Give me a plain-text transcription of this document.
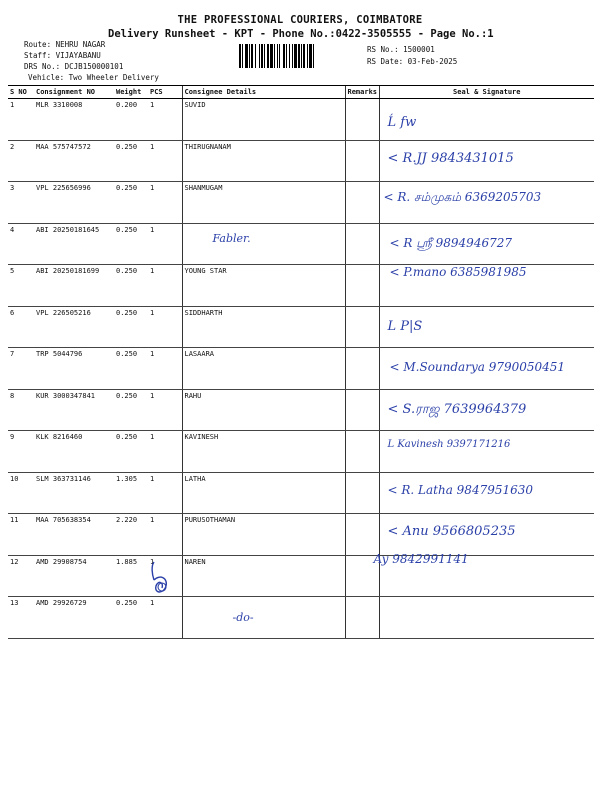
THE PROFESSIONAL COURIERS, COIMBATORE
Delivery Runsheet - KPT - Phone No.:0422-3505555 - Page No.:1
Route: NEHRU NAGAR
Staff: VIJAYABANU
DRS No.: DCJB150000101
Vehicle: Two Wheeler Delivery
RS No.: 1500001
RS Date: 03-Feb-2025
S NO	Consignment NO	Weight	PCS	Consignee Details	Remarks	Seal & Signature
1	MLR 3310008	0.200	1	SUVID		Ĺ fw

2	MAA 575747572	0.250	1	THIRUGNANAM		< R.JJ 9843431015

3	VPL 225656996	0.250	1	SHANMUGAM		< R. சம்முகம் 6369205703

4	ABI 20250181645	0.250	1	Fabler.		< R ஸ்ரீ 9894946727

5	ABI 20250181699	0.250	1	YOUNG STAR		< P.mano 6385981985

6	VPL 226505216	0.250	1	SIDDHARTH		L P|S

7	TRP 5044796	0.250	1	LASAARA		< M.Soundarya 9790050451

8	KUR 3000347841	0.250	1	RAHU		< S.ராஜ 7639964379

9	KLK 8216460	0.250	1	KAVINESH		L Kavinesh 9397171216

10	SLM 363731146	1.305	1	LATHA		< R. Latha 9847951630

11	MAA 705638354	2.220	1	PURUSOTHAMAN		< Anu 9566805235

12	AMD 29908754	1.885	1	NAREN		Ay 9842991141

13	AMD 29926729	0.250	1	-do-		
